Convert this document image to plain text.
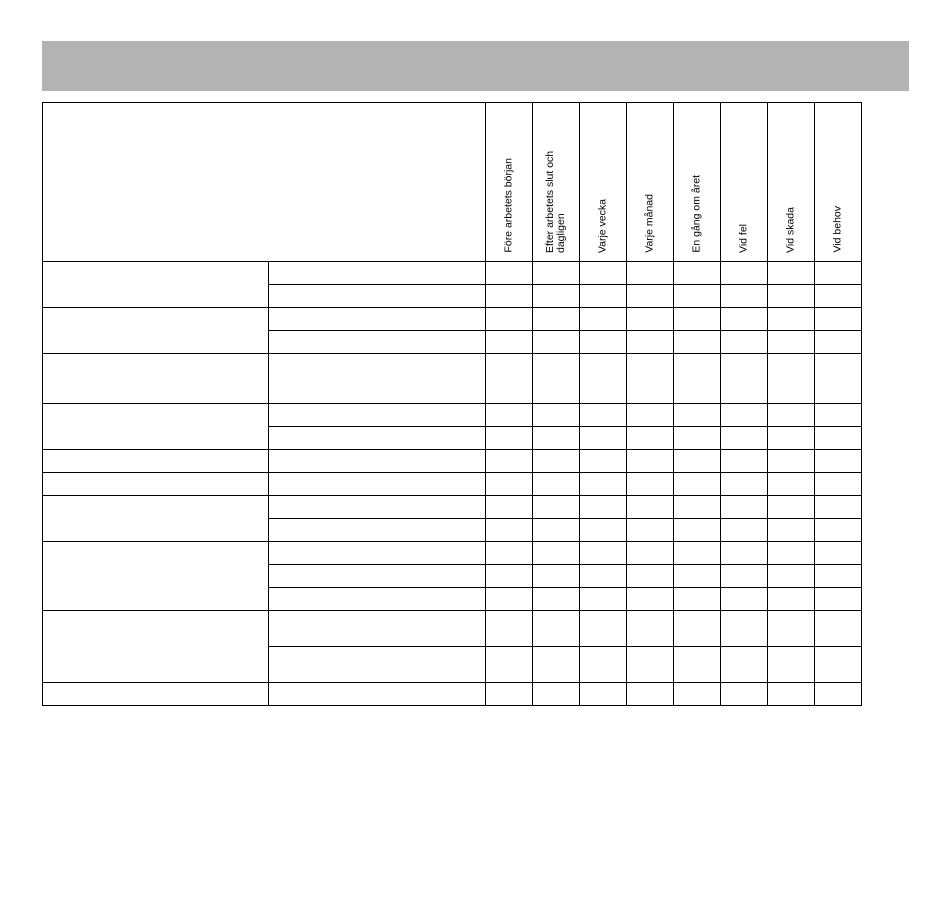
		Före arbetets början	Efter arbetets slut och dagligen	Varje vecka	Varje månad	En gång om året	Vid fel	Vid skada	Vid behov
